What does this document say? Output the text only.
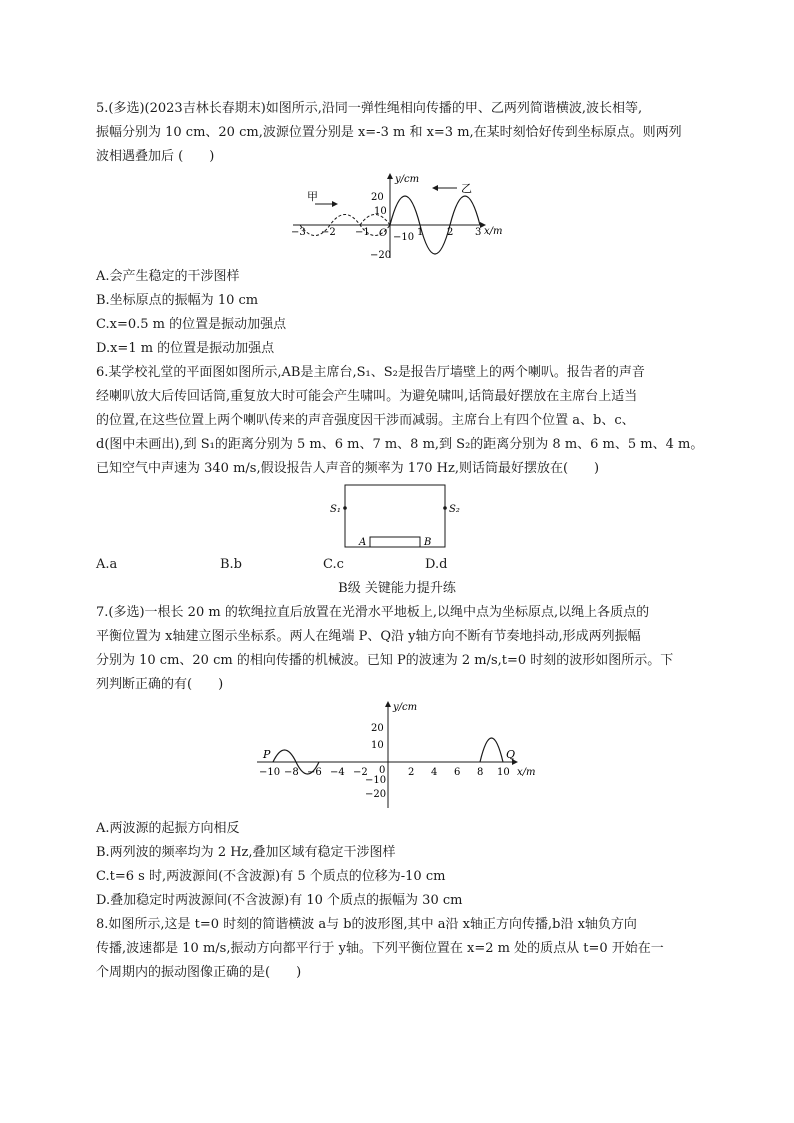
5.(多选)(2023吉林长春期末)如图所示,沿同一弹性绳相向传播的甲、乙两列简谐横波,波长相等,
振幅分别为 10 cm、20 cm,波源位置分别是 x=-3 m 和 x=3 m,在某时刻恰好传到坐标原点。则两列
波相遇叠加后 (　　)
甲
乙
y/cm
x/m
O
20
10
−10
−20
−3 −2 −1	1 2 3
A.会产生稳定的干涉图样
B.坐标原点的振幅为 10 cm
C.x=0.5 m 的位置是振动加强点
D.x=1 m 的位置是振动加强点
6.某学校礼堂的平面图如图所示,AB是主席台,S₁、S₂是报告厅墙壁上的两个喇叭。报告者的声音
经喇叭放大后传回话筒,重复放大时可能会产生啸叫。为避免啸叫,话筒最好摆放在主席台上适当
的位置,在这些位置上两个喇叭传来的声音强度因干涉而减弱。主席台上有四个位置 a、b、c、
d(图中未画出),到 S₁的距离分别为 5 m、6 m、7 m、8 m,到 S₂的距离分别为 8 m、6 m、5 m、4 m。
已知空气中声速为 340 m/s,假设报告人声音的频率为 170 Hz,则话筒最好摆放在(　　)
S₁	S₂
A	B
A.a	B.b	C.c	D.d
B级 关键能力提升练
7.(多选)一根长 20 m 的软绳拉直后放置在光滑水平地板上,以绳中点为坐标原点,以绳上各质点的
平衡位置为 x轴建立图示坐标系。两人在绳端 P、Q沿 y轴方向不断有节奏地抖动,形成两列振幅
分别为 10 cm、20 cm 的相向传播的机械波。已知 P的波速为 2 m/s,t=0 时刻的波形如图所示。下
列判断正确的有(　　)
P	Q
y/cm
x/m
0
20
10
−10
−20
−10 −8 −6 −4 −2	2 4 6 8 10
A.两波源的起振方向相反
B.两列波的频率均为 2 Hz,叠加区域有稳定干涉图样
C.t=6 s 时,两波源间(不含波源)有 5 个质点的位移为-10 cm
D.叠加稳定时两波源间(不含波源)有 10 个质点的振幅为 30 cm
8.如图所示,这是 t=0 时刻的简谐横波 a与 b的波形图,其中 a沿 x轴正方向传播,b沿 x轴负方向
传播,波速都是 10 m/s,振动方向都平行于 y轴。下列平衡位置在 x=2 m 处的质点从 t=0 开始在一
个周期内的振动图像正确的是(　　)
